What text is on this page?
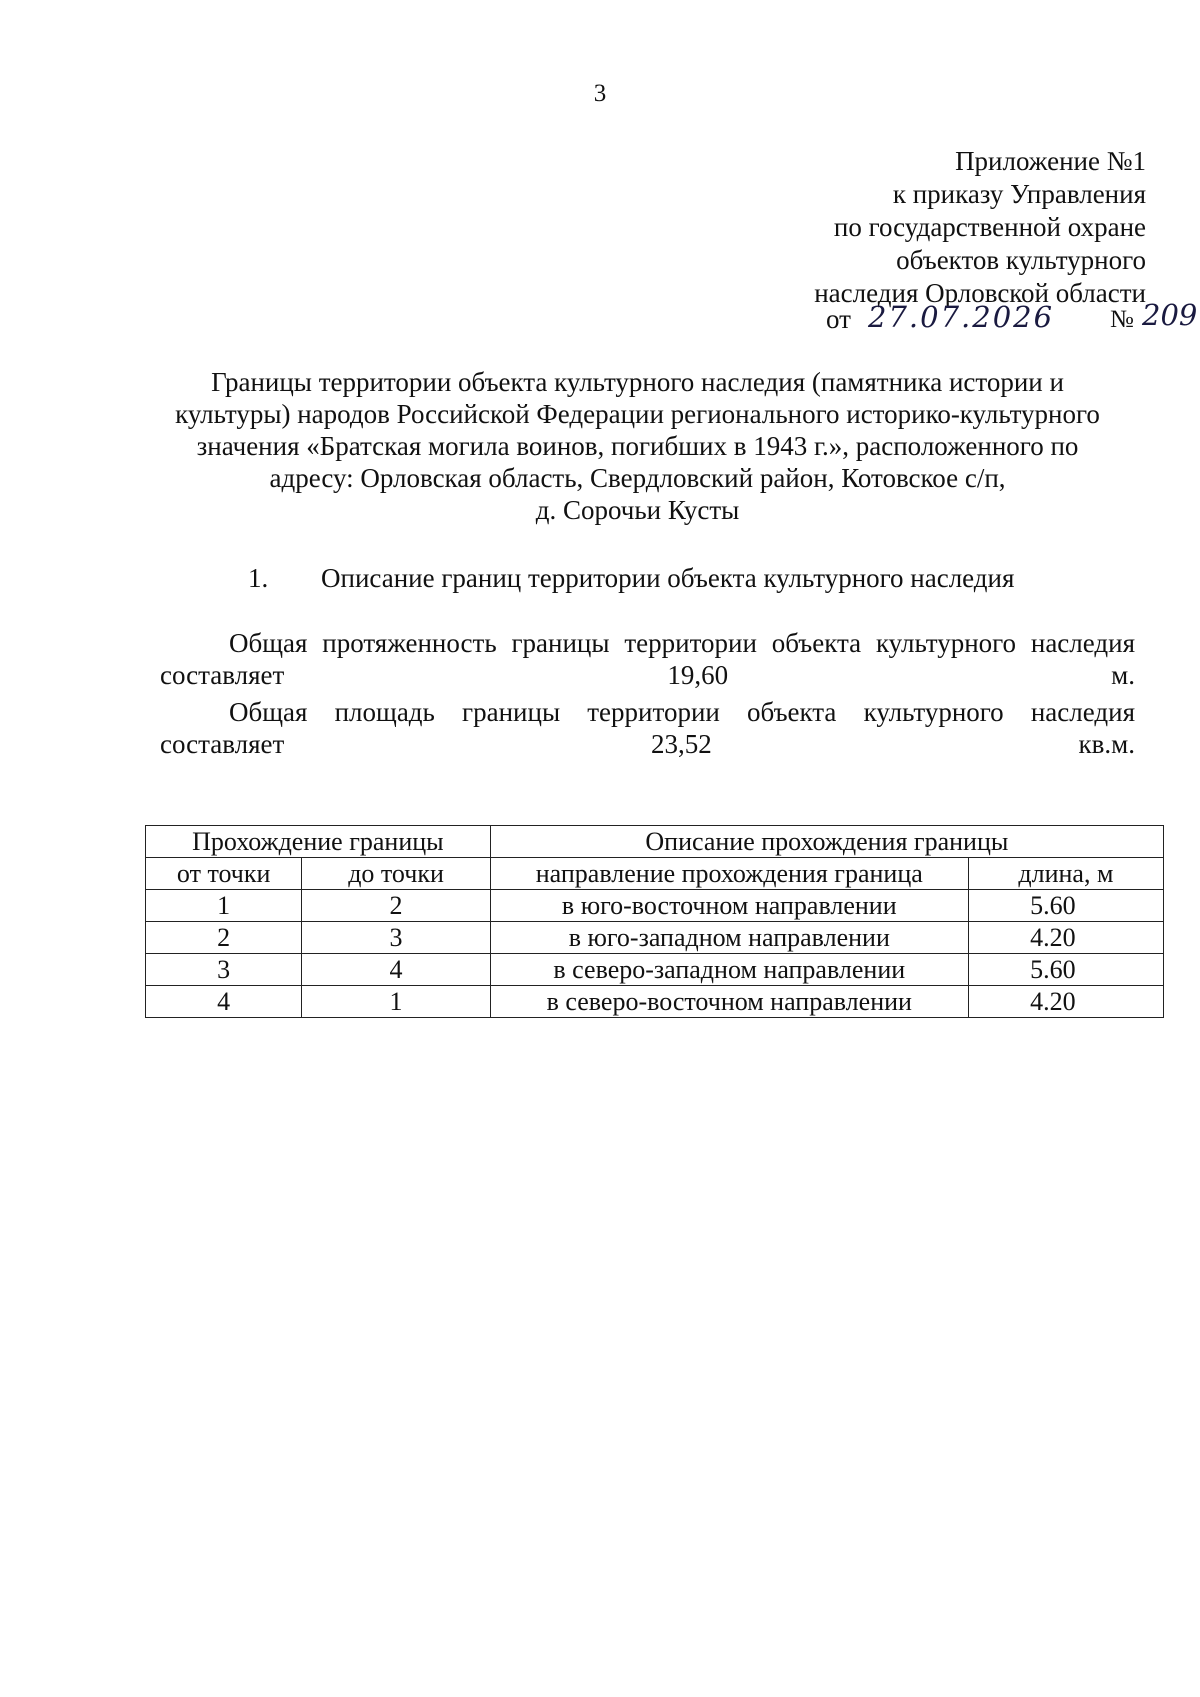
3
Приложение №1
к приказу Управления
по государственной охране
объектов культурного
наследия Орловской области
от 27.07.2026 № 209
Границы территории объекта культурного наследия (памятника истории и
культуры) народов Российской Федерации регионального историко-культурного
значения «Братская могила воинов, погибших в 1943 г.», расположенного по
адресу: Орловская область, Свердловский район, Котовское с/п,
д. Сорочьи Кусты
1. Описание границ территории объекта культурного наследия
Общая протяженность границы территории объекта культурного наследия составляет 19,60 м.
Общая площадь границы территории объекта культурного наследия составляет 23,52 кв.м.
Прохождение границы		Описание прохождения границы	
от точки	до точки	направление прохождения граница	длина, м
1	2	в юго-восточном направлении	5.60
2	3	в юго-западном направлении	4.20
3	4	в северо-западном направлении	5.60
4	1	в северо-восточном направлении	4.20
